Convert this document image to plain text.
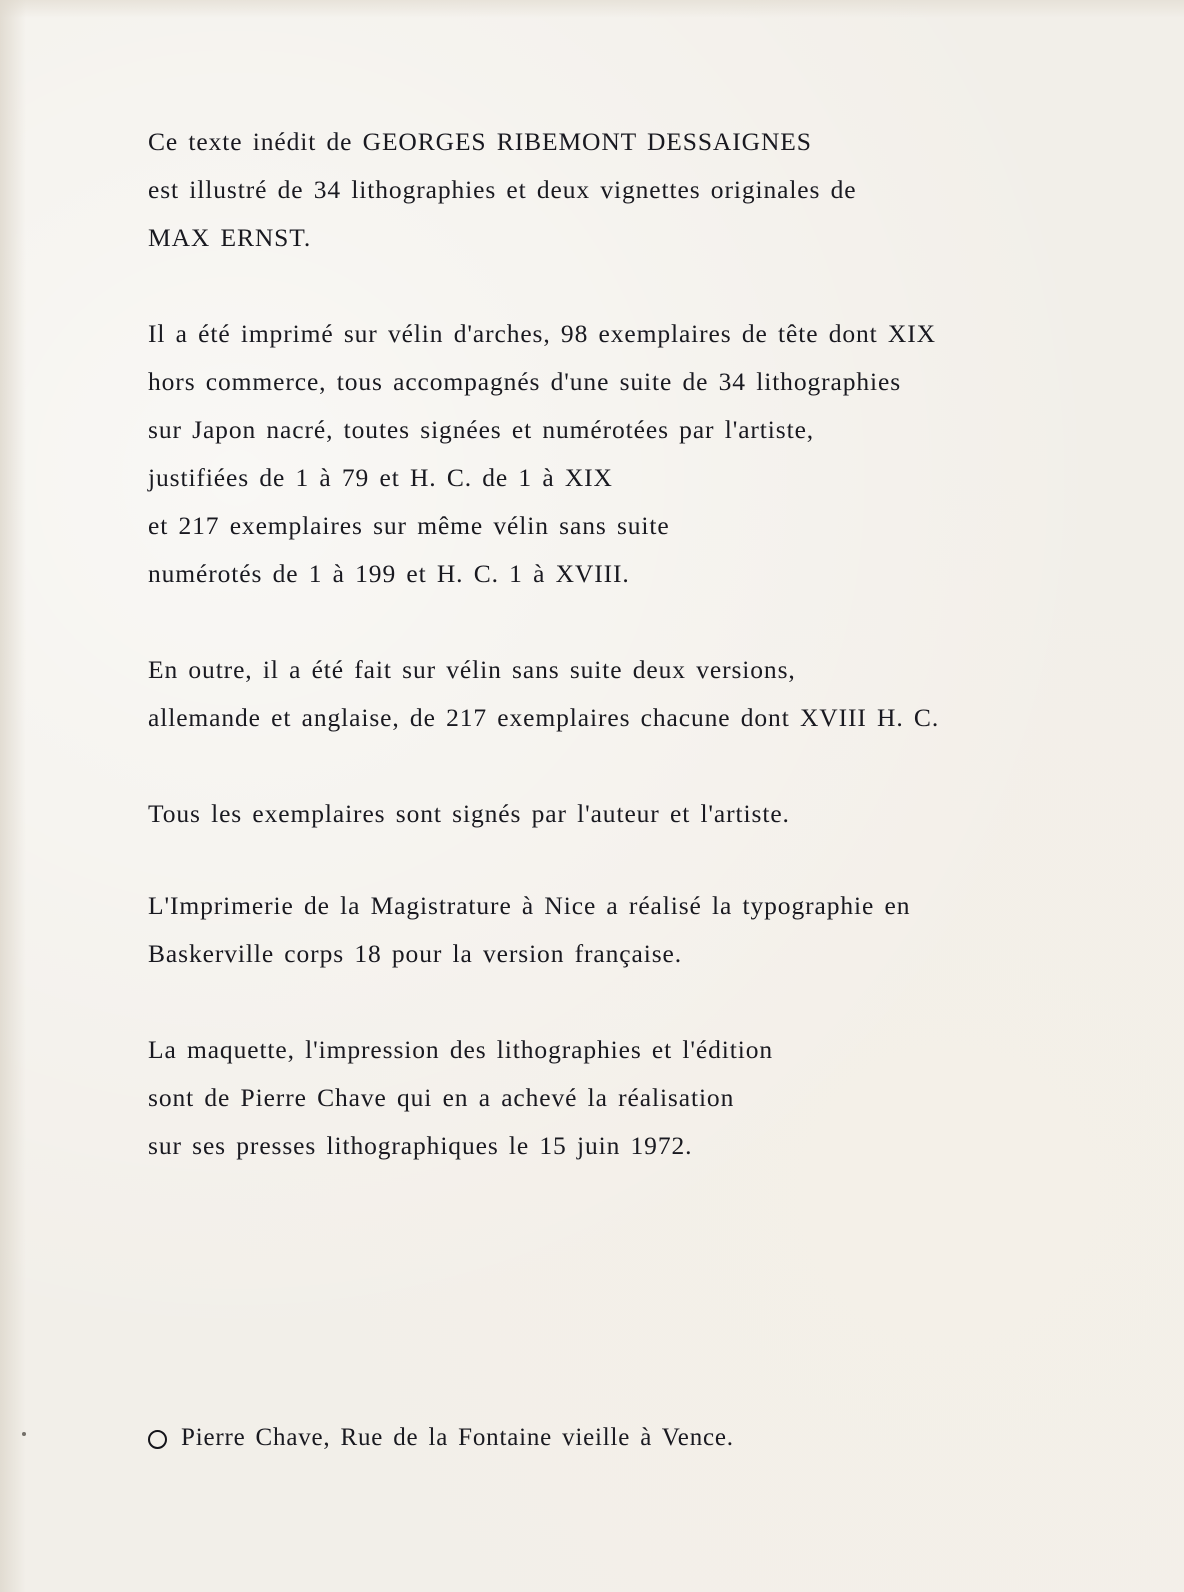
Ce texte inédit de GEORGES RIBEMONT DESSAIGNES
est illustré de 34 lithographies et deux vignettes originales de
MAX ERNST.

Il a été imprimé sur vélin d'arches, 98 exemplaires de tête dont XIX
hors commerce, tous accompagnés d'une suite de 34 lithographies
sur Japon nacré, toutes signées et numérotées par l'artiste,
justifiées de 1 à 79 et H. C. de 1 à XIX
et 217 exemplaires sur même vélin sans suite
numérotés de 1 à 199 et H. C. 1 à XVIII.

En outre, il a été fait sur vélin sans suite deux versions,
allemande et anglaise, de 217 exemplaires chacune dont XVIII H. C.

Tous les exemplaires sont signés par l'auteur et l'artiste.

L'Imprimerie de la Magistrature à Nice a réalisé la typographie en
Baskerville corps 18 pour la version française.

La maquette, l'impression des lithographies et l'édition
sont de Pierre Chave qui en a achevé la réalisation
sur ses presses lithographiques le 15 juin 1972.

Pierre Chave, Rue de la Fontaine vieille à Vence.
